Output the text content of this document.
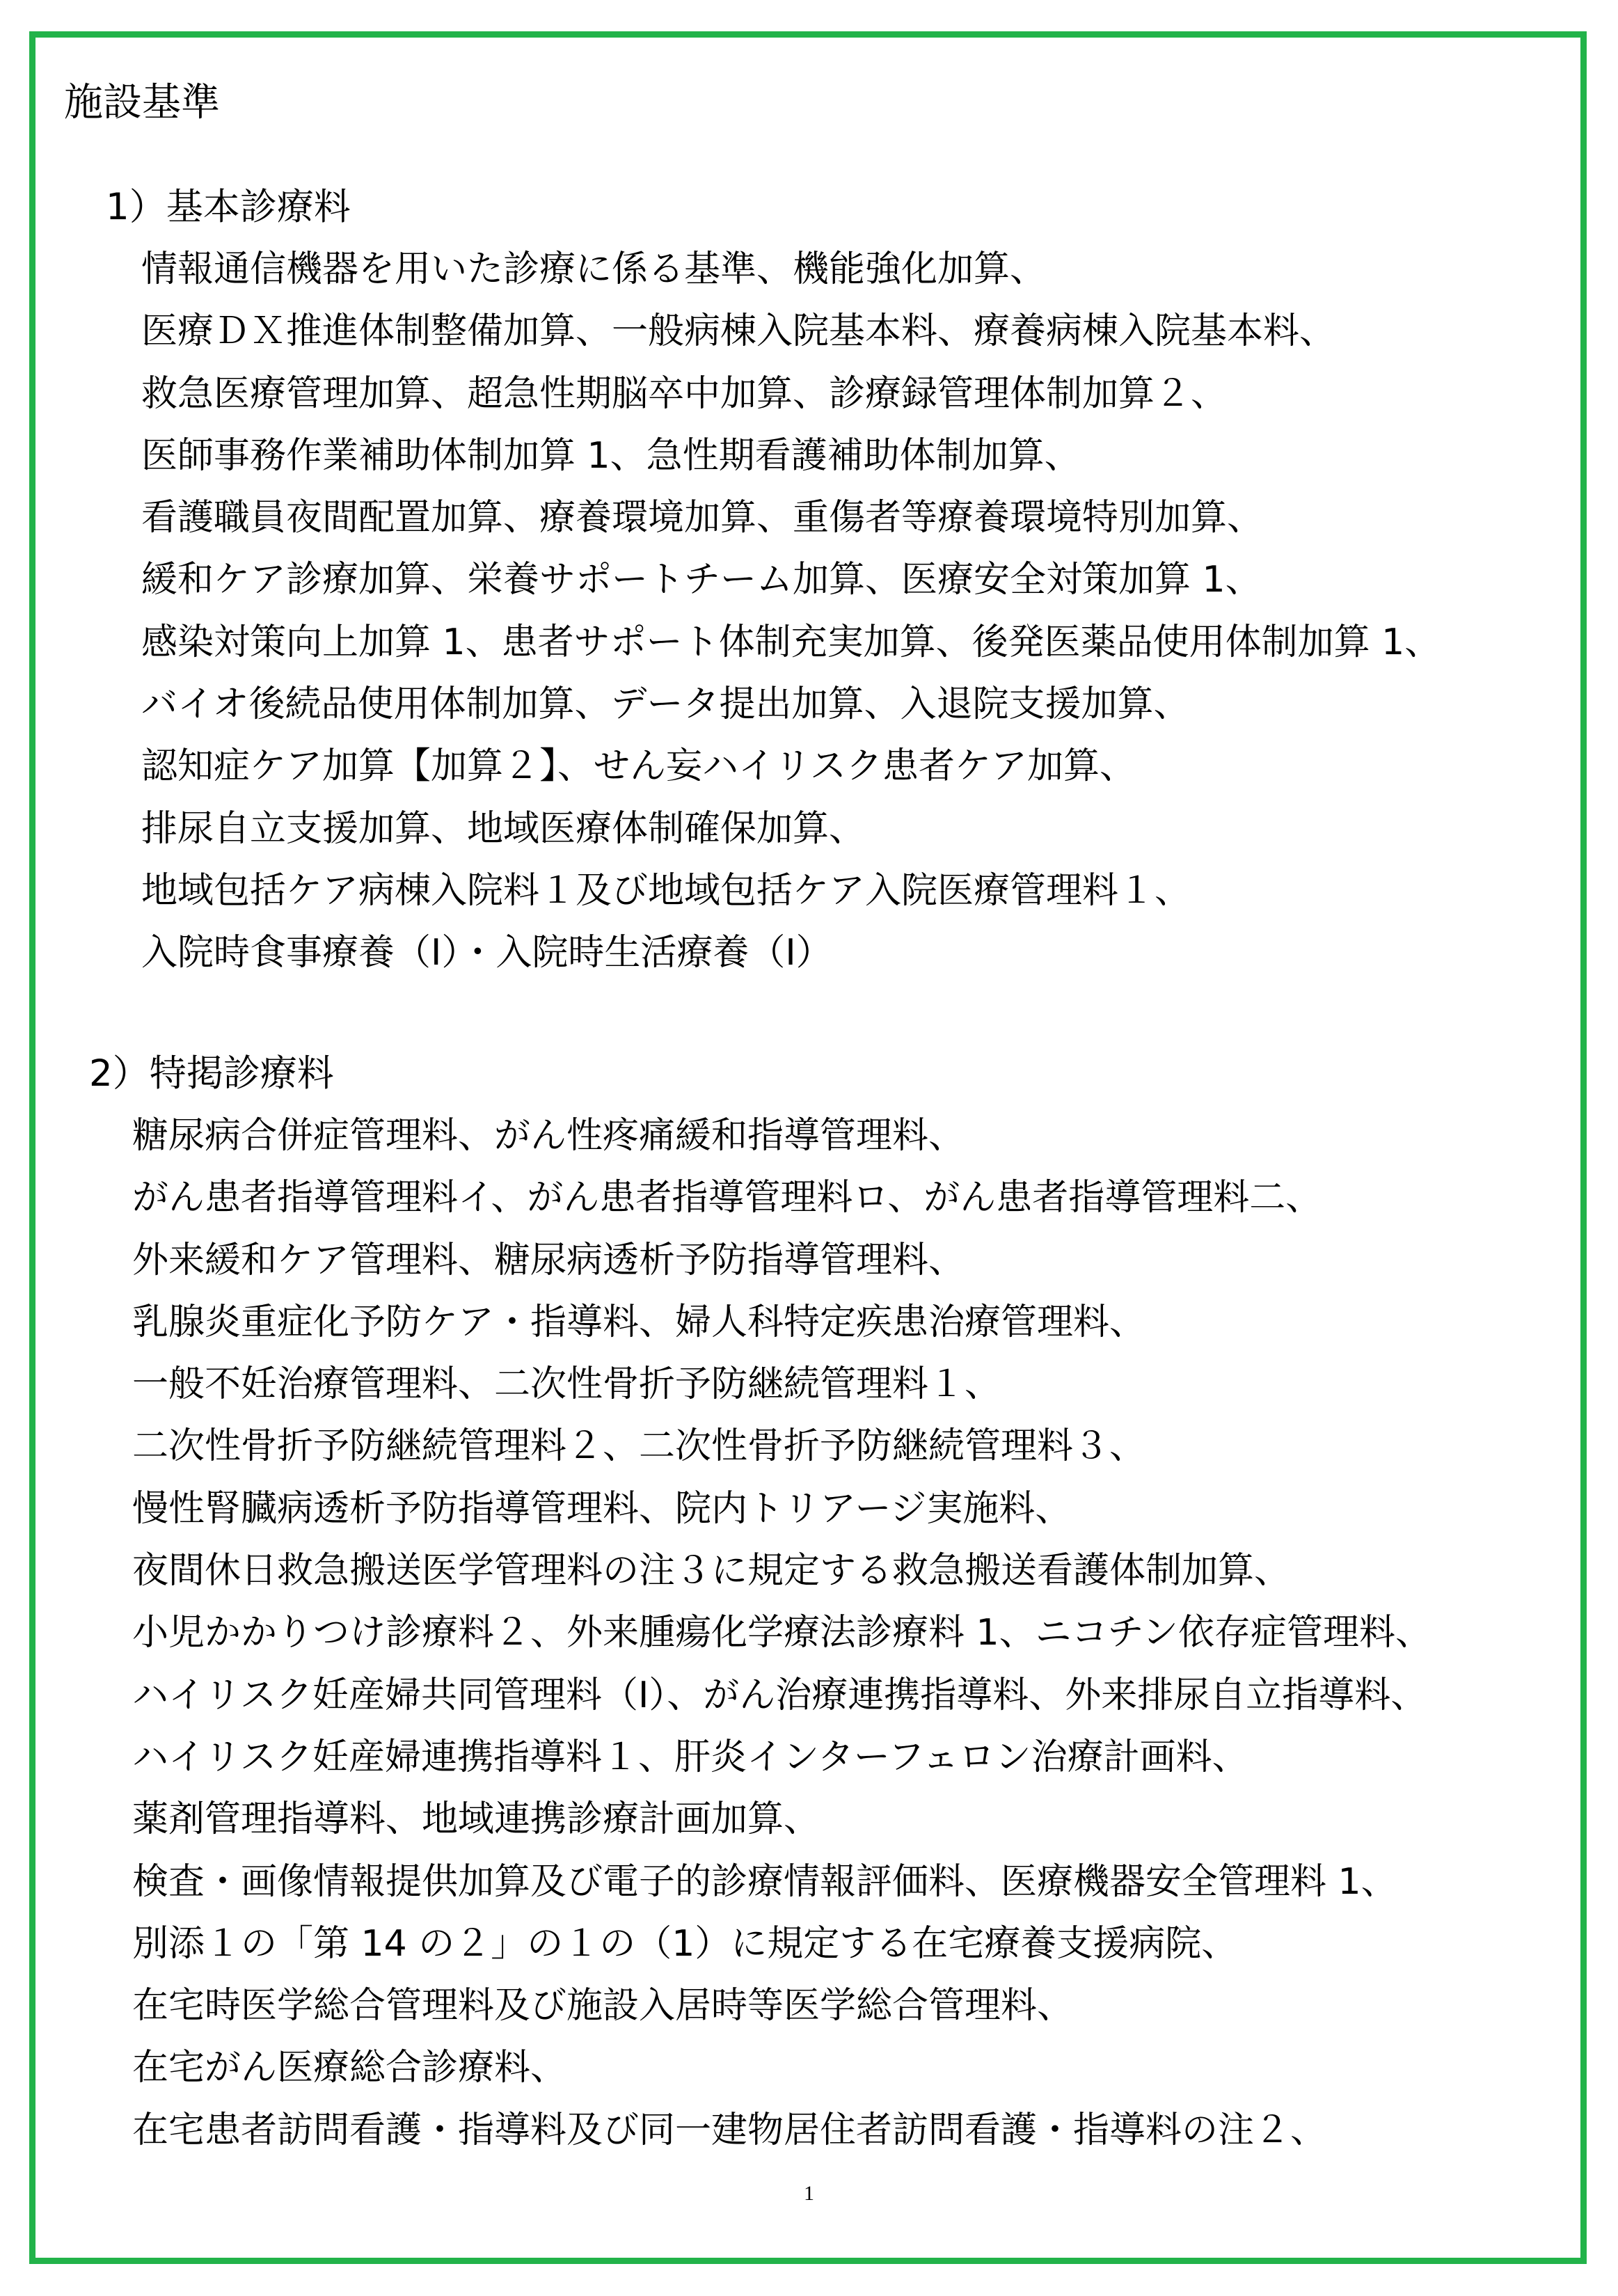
施設基準
1）基本診療料
情報通信機器を用いた診療に係る基準、機能強化加算、
医療ＤＸ推進体制整備加算、一般病棟入院基本料、療養病棟入院基本料、
救急医療管理加算、超急性期脳卒中加算、診療録管理体制加算２、
医師事務作業補助体制加算 1、急性期看護補助体制加算、
看護職員夜間配置加算、療養環境加算、重傷者等療養環境特別加算、
緩和ケア診療加算、栄養サポートチーム加算、医療安全対策加算 1、
感染対策向上加算 1、患者サポート体制充実加算、後発医薬品使用体制加算 1、
バイオ後続品使用体制加算、データ提出加算、入退院支援加算、
認知症ケア加算【加算２】、せん妄ハイリスク患者ケア加算、
排尿自立支援加算、地域医療体制確保加算、
地域包括ケア病棟入院料１及び地域包括ケア入院医療管理料１、
入院時食事療養（Ⅰ）・入院時生活療養（Ⅰ）
2）特掲診療料
糖尿病合併症管理料、がん性疼痛緩和指導管理料、
がん患者指導管理料イ、がん患者指導管理料ロ、がん患者指導管理料二、
外来緩和ケア管理料、糖尿病透析予防指導管理料、
乳腺炎重症化予防ケア・指導料、婦人科特定疾患治療管理料、
一般不妊治療管理料、二次性骨折予防継続管理料１、
二次性骨折予防継続管理料２、二次性骨折予防継続管理料３、
慢性腎臓病透析予防指導管理料、院内トリアージ実施料、
夜間休日救急搬送医学管理料の注３に規定する救急搬送看護体制加算、
小児かかりつけ診療料２、外来腫瘍化学療法診療料 1、ニコチン依存症管理料、
ハイリスク妊産婦共同管理料（Ⅰ）、がん治療連携指導料、外来排尿自立指導料、
ハイリスク妊産婦連携指導料１、肝炎インターフェロン治療計画料、
薬剤管理指導料、地域連携診療計画加算、
検査・画像情報提供加算及び電子的診療情報評価料、医療機器安全管理料 1、
別添１の「第 14 の２」の１の（1）に規定する在宅療養支援病院、
在宅時医学総合管理料及び施設入居時等医学総合管理料、
在宅がん医療総合診療料、
在宅患者訪問看護・指導料及び同一建物居住者訪問看護・指導料の注２、
1
